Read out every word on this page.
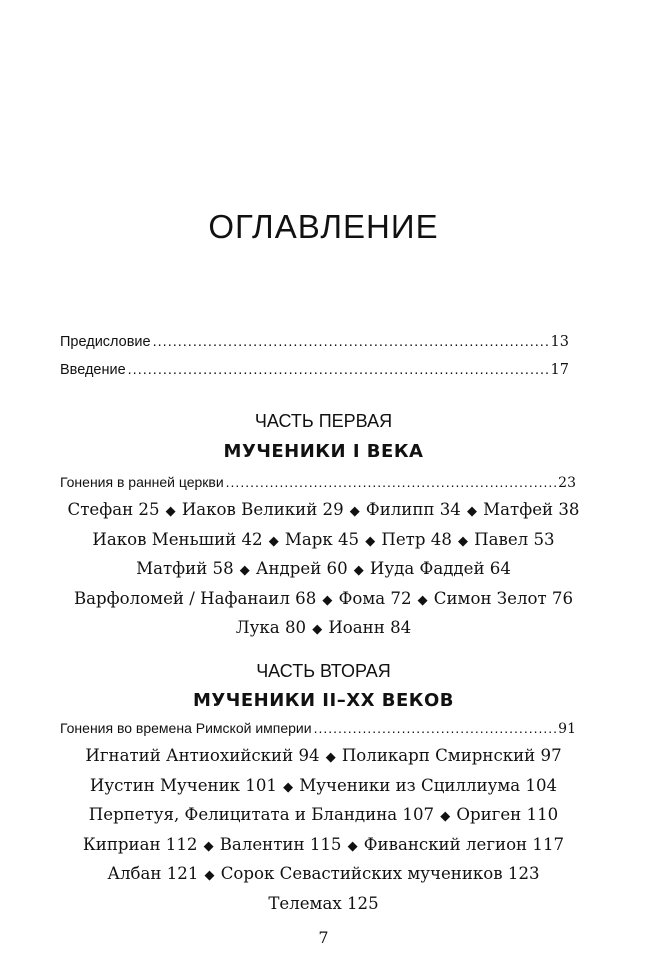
ОГЛАВЛЕНИЕ
Предисловие .....	13
Введение .....	17
ЧАСТЬ ПЕРВАЯ
МУЧЕНИКИ I ВЕКА
Гонения в ранней церкви .....	23
Стефан 25 ◆ Иаков Великий 29 ◆ Филипп 34 ◆ Матфей 38
Иаков Меньший 42 ◆ Марк 45 ◆ Петр 48 ◆ Павел 53
Матфий 58 ◆ Андрей 60 ◆ Иуда Фаддей 64
Варфоломей / Нафанаил 68 ◆ Фома 72 ◆ Симон Зелот 76
Лука 80 ◆ Иоанн 84
ЧАСТЬ ВТОРАЯ
МУЧЕНИКИ II–XX ВЕКОВ
Гонения во времена Римской империи .....	91
Игнатий Антиохийский 94 ◆ Поликарп Смирнский 97
Иустин Мученик 101 ◆ Мученики из Сциллиума 104
Перпетуя, Фелицитата и Бландина 107 ◆ Ориген 110
Киприан 112 ◆ Валентин 115 ◆ Фиванский легион 117
Албан 121 ◆ Сорок Севастийских мучеников 123
Телемах 125
7
